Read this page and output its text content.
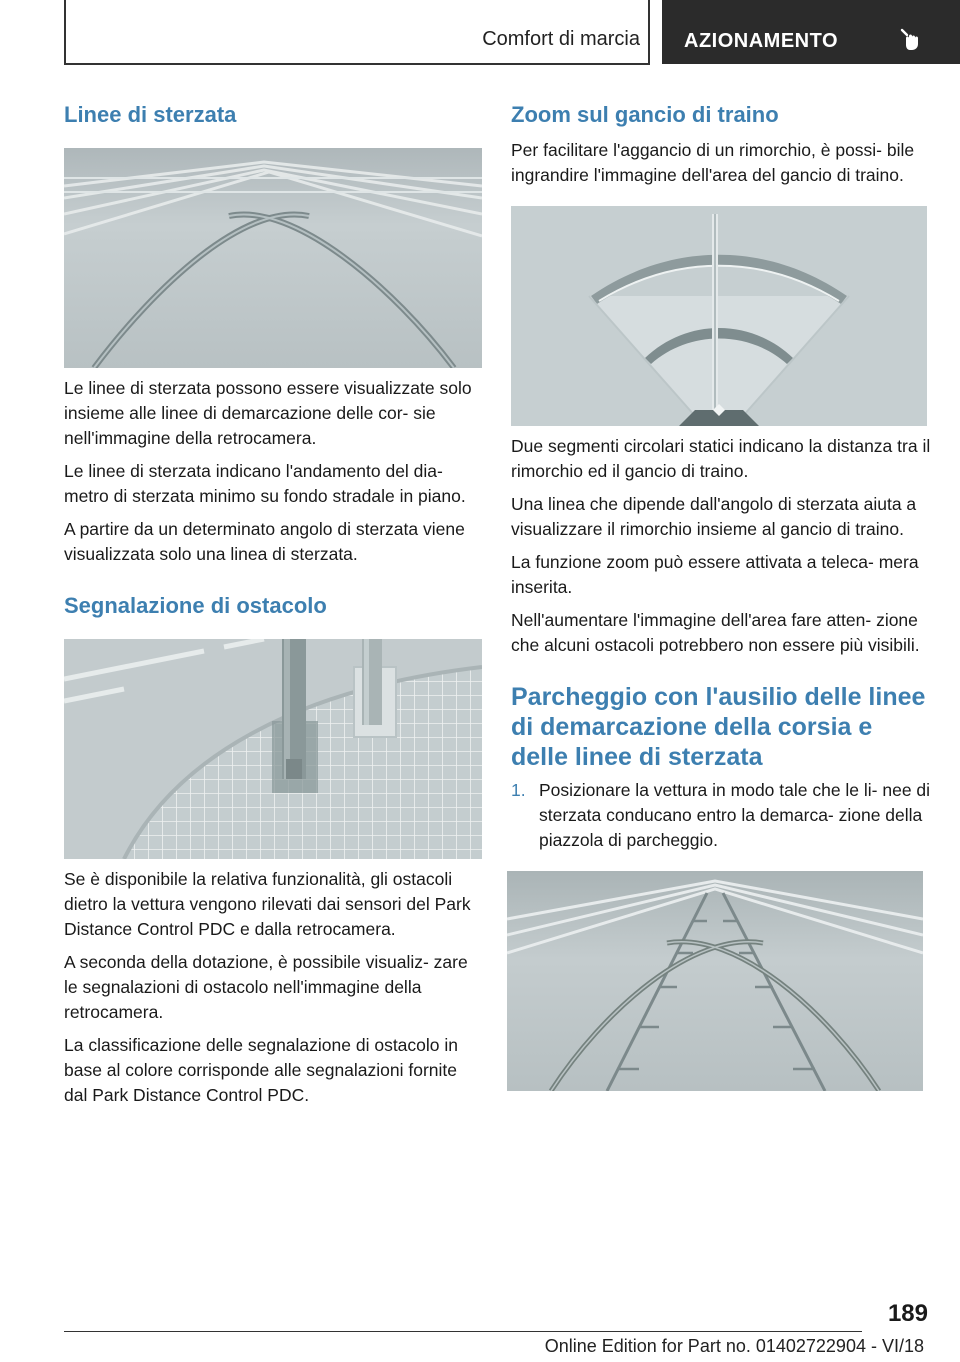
Comfort di marcia AZIONAMENTO
Linee di sterzata

Le linee di sterzata possono essere visualizzate solo insieme alle linee di demarcazione delle cor- sie nell'immagine della retrocamera.

Le linee di sterzata indicano l'andamento del dia- metro di sterzata minimo su fondo stradale in piano.

A partire da un determinato angolo di sterzata viene visualizzata solo una linea di sterzata.

Segnalazione di ostacolo

Se è disponibile la relativa funzionalità, gli ostacoli dietro la vettura vengono rilevati dai sensori del Park Distance Control PDC e dalla retrocamera.

A seconda della dotazione, è possibile visualiz- zare le segnalazioni di ostacolo nell'immagine della retrocamera.

La classificazione delle segnalazione di ostacolo in base al colore corrisponde alle segnalazioni fornite dal Park Distance Control PDC.

Zoom sul gancio di traino

Per facilitare l'aggancio di un rimorchio, è possi- bile ingrandire l'immagine dell'area del gancio di traino.

Due segmenti circolari statici indicano la distanza tra il rimorchio ed il gancio di traino.

Una linea che dipende dall'angolo di sterzata aiuta a visualizzare il rimorchio insieme al gancio di traino.

La funzione zoom può essere attivata a teleca- mera inserita.

Nell'aumentare l'immagine dell'area fare atten- zione che alcuni ostacoli potrebbero non essere più visibili.

Parcheggio con l'ausilio delle linee di demarcazione della corsia e delle linee di sterzata
1. Posizionare la vettura in modo tale che le li- nee di sterzata conducano entro la demarca- zione della piazzola di parcheggio.
189
Online Edition for Part no. 01402722904 - VI/18
